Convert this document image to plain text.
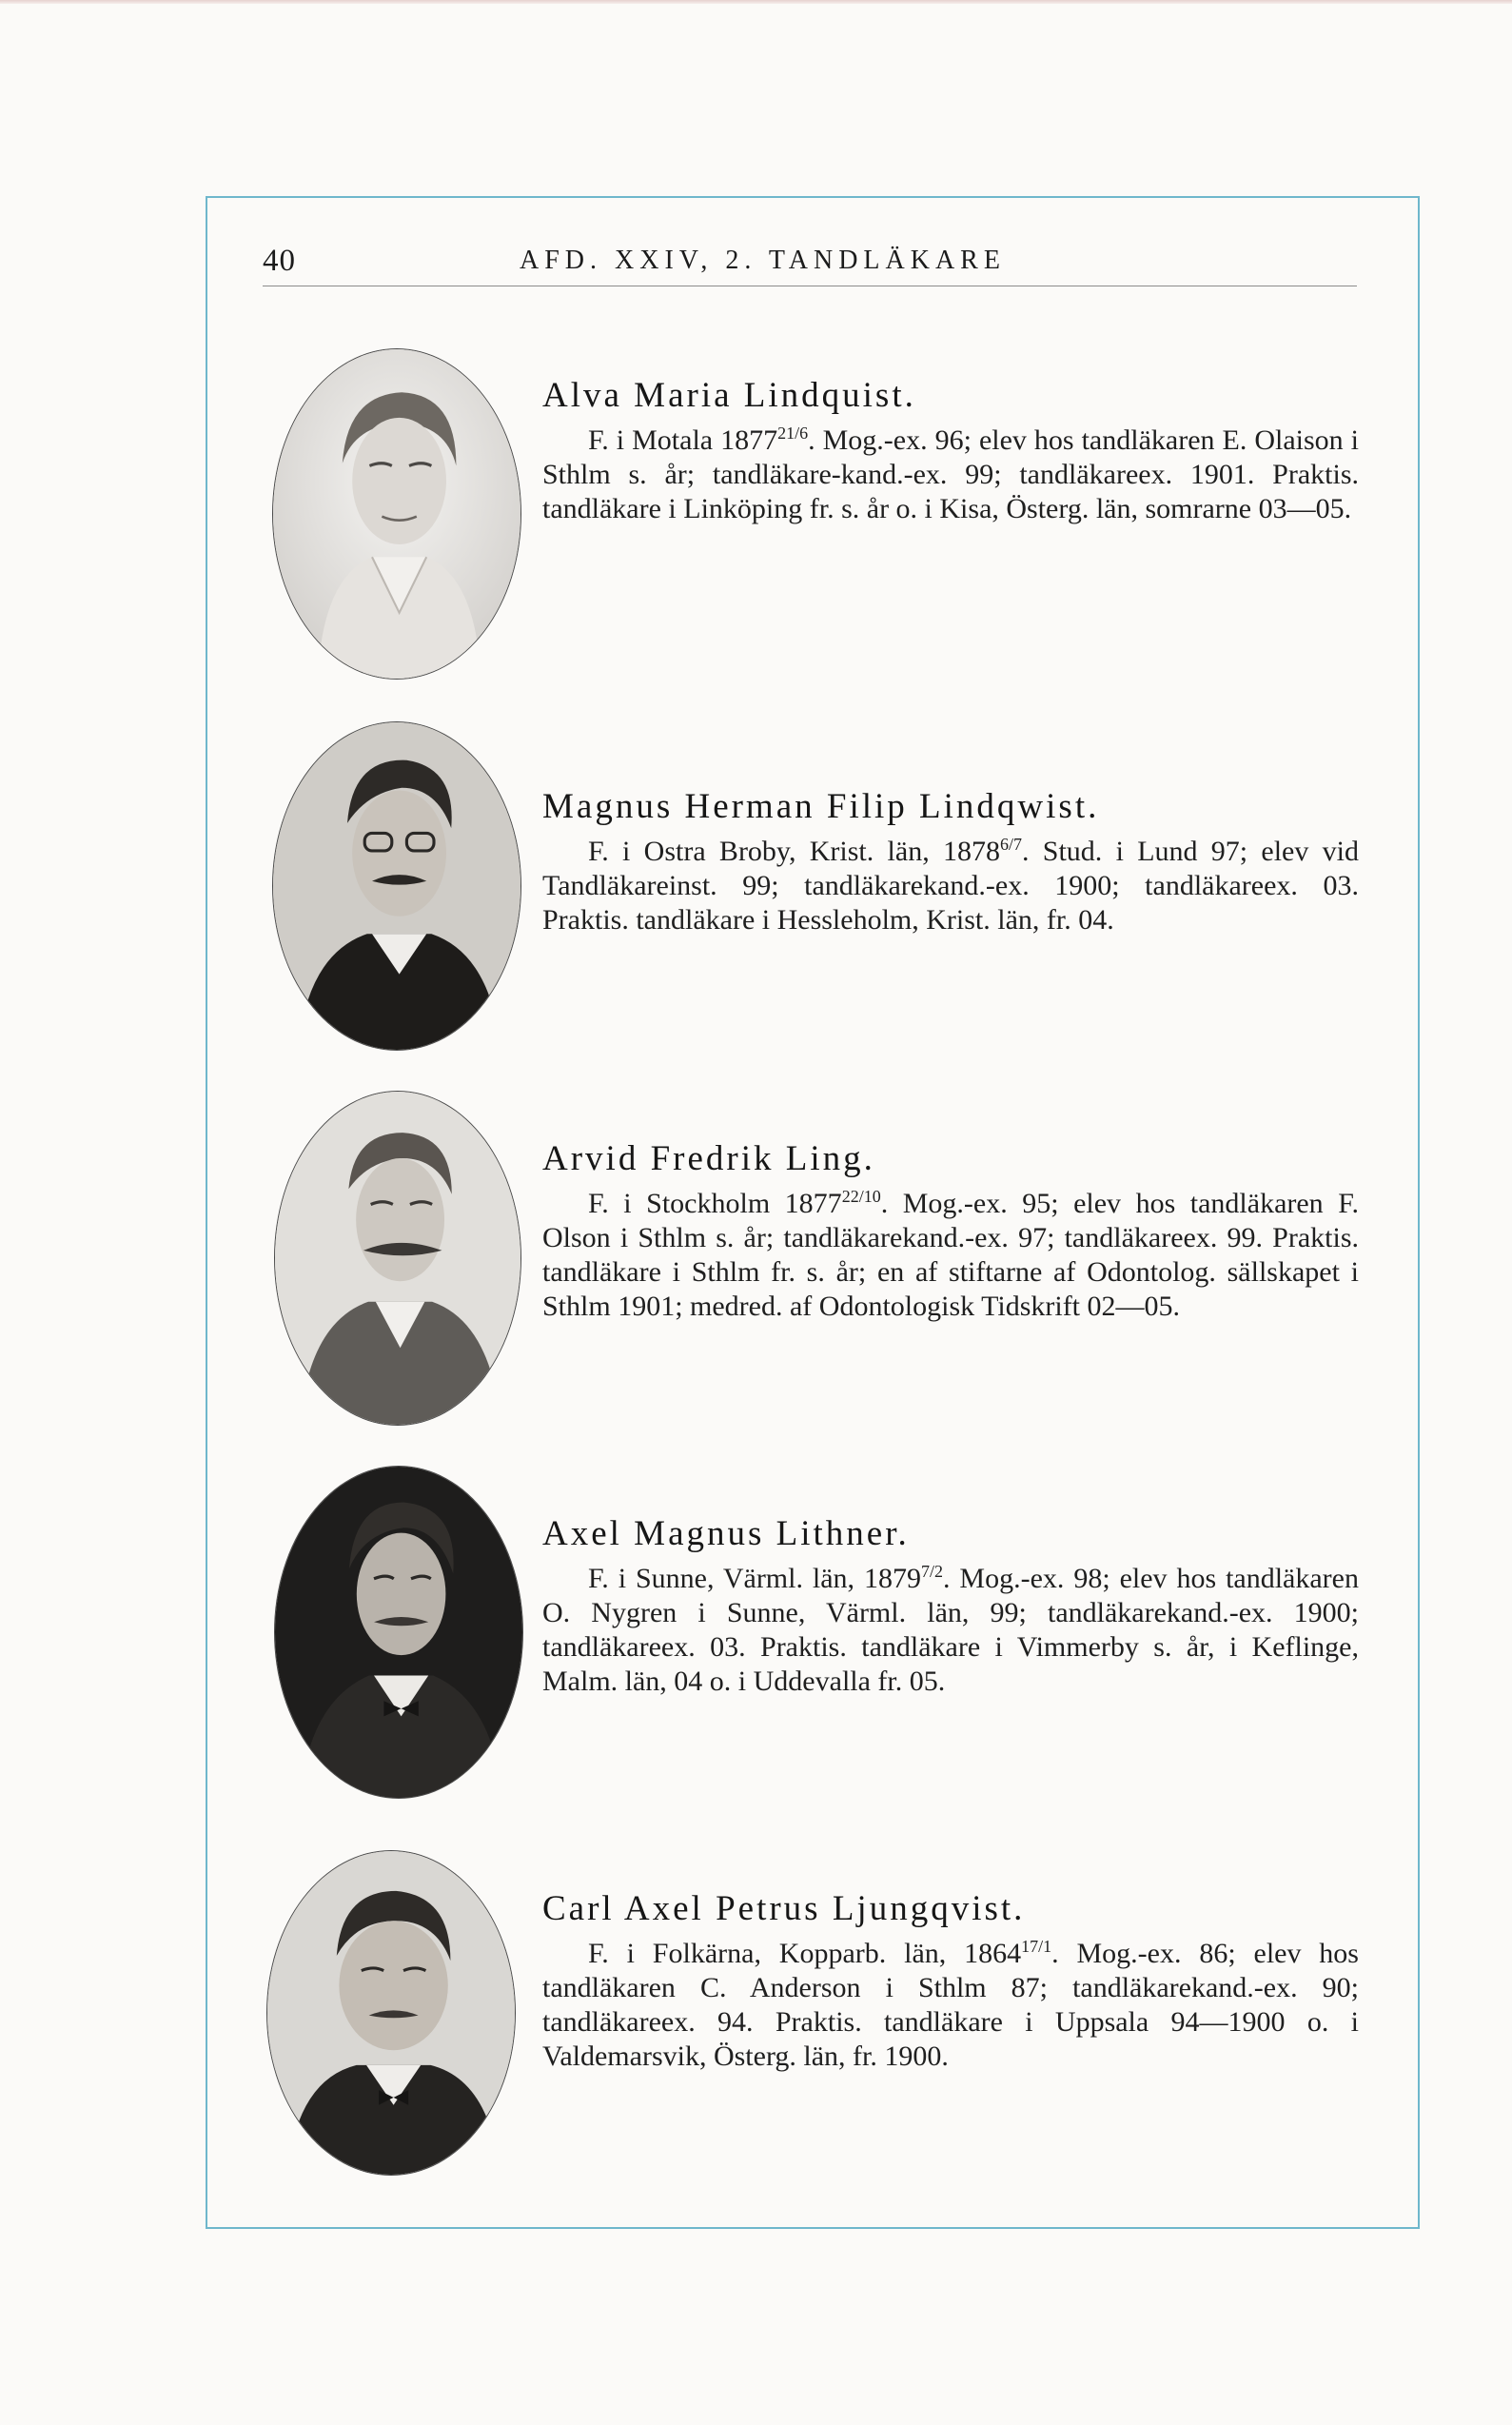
40	AFD. XXIV, 2. TANDLÄKARE
Alva Maria Lindquist.
F. i Motala $1877^{21/6}$. Mog.-ex. 96; elev hos tandläkaren E. Olaison i Sthlm s. år; tandläkare-kand.-ex. 99; tandläkareex. 1901. Praktis. tandläkare i Linköping fr. s. år o. i Kisa, Österg. län, somrarne 03—05.
Magnus Herman Filip Lindqwist.
F. i Ostra Broby, Krist. län, $1878^{6/7}$. Stud. i Lund 97; elev vid Tandläkareinst. 99; tandläkarekand.-ex. 1900; tandläkareex. 03. Praktis. tandläkare i Hessleholm, Krist. län, fr. 04.
Arvid Fredrik Ling.
F. i Stockholm $1877^{22/10}$. Mog.-ex. 95; elev hos tandläkaren F. Olson i Sthlm s. år; tandläkarekand.-ex. 97; tandläkareex. 99. Praktis. tandläkare i Sthlm fr. s. år; en af stiftarne af Odontolog. sällskapet i Sthlm 1901; medred. af Odontologisk Tidskrift 02—05.
Axel Magnus Lithner.
F. i Sunne, Värml. län, $1879^{7/2}$. Mog.-ex. 98; elev hos tandläkaren O. Nygren i Sunne, Värml. län, 99; tandläkarekand.-ex. 1900; tandläkareex. 03. Praktis. tandläkare i Vimmerby s. år, i Keflinge, Malm. län, 04 o. i Uddevalla fr. 05.
Carl Axel Petrus Ljungqvist.
F. i Folkärna, Kopparb. län, $1864^{17/1}$. Mog.-ex. 86; elev hos tandläkaren C. Anderson i Sthlm 87; tandläkarekand.-ex. 90; tandläkareex. 94. Praktis. tandläkare i Uppsala 94—1900 o. i Valdemarsvik, Österg. län, fr. 1900.
